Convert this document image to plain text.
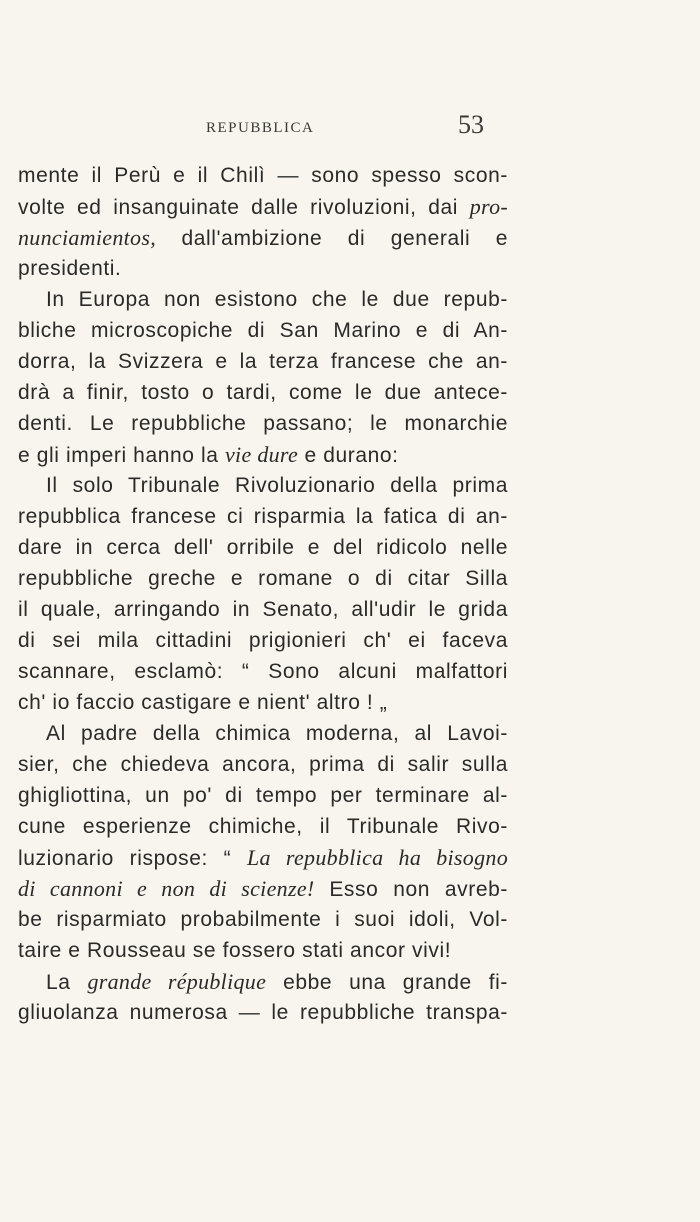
REPUBBLICA	53
mente il Perù e il Chilì — sono spesso scon-
volte ed insanguinate dalle rivoluzioni, dai pro-
nunciamientos, dall'ambizione di generali e
presidenti.
In Europa non esistono che le due repub-
bliche microscopiche di San Marino e di An-
dorra, la Svizzera e la terza francese che an-
drà a finir, tosto o tardi, come le due antece-
denti. Le repubbliche passano; le monarchie
e gli imperi hanno la vie dure e durano:
Il solo Tribunale Rivoluzionario della prima
repubblica francese ci risparmia la fatica di an-
dare in cerca dell' orribile e del ridicolo nelle
repubbliche greche e romane o di citar Silla
il quale, arringando in Senato, all'udir le grida
di sei mila cittadini prigionieri ch' ei faceva
scannare, esclamò: “ Sono alcuni malfattori
ch' io faccio castigare e nient' altro ! „
Al padre della chimica moderna, al Lavoi-
sier, che chiedeva ancora, prima di salir sulla
ghigliottina, un po' di tempo per terminare al-
cune esperienze chimiche, il Tribunale Rivo-
luzionario rispose: “ La repubblica ha bisogno
di cannoni e non di scienze! Esso non avreb-
be risparmiato probabilmente i suoi idoli, Vol-
taire e Rousseau se fossero stati ancor vivi!
La grande république ebbe una grande fi-
gliuolanza numerosa — le repubbliche transpa-
